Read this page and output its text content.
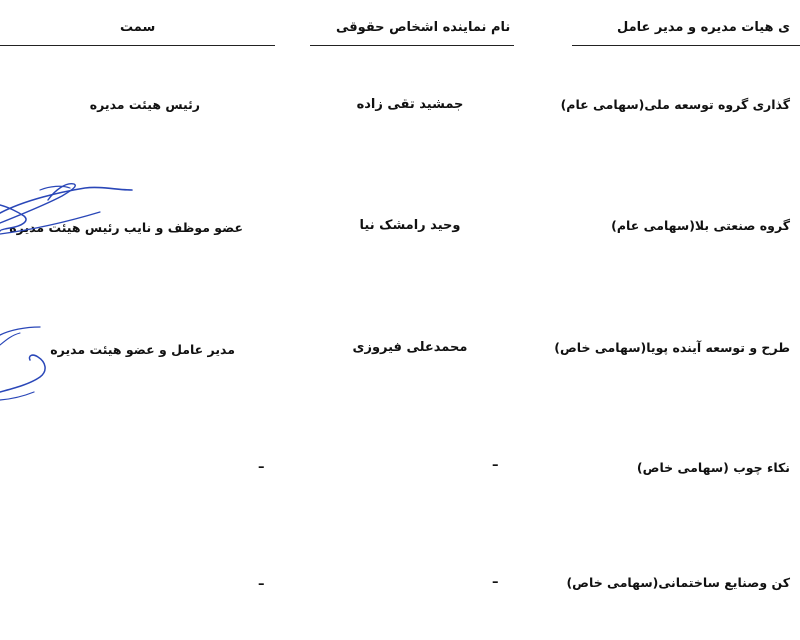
سمت	نام نماینده اشخاص حقوقی	ی هیات مدیره و مدیر عامل
گذاری گروه توسعه ملی(سهامی عام)
جمشید تقی زاده
رئیس هیئت مدیره
گروه صنعتی بلا(سهامی عام)
وحید رامشک نیا
عضو موظف و نایب رئیس هیئت مدیره
طرح و توسعه آینده پویا(سهامی خاص)
محمدعلی فیروزی
مدیر عامل و عضو هیئت مدیره
نکاء چوب (سهامی خاص)
–
–
کن وصنایع ساختمانی(سهامی خاص)
–
–
